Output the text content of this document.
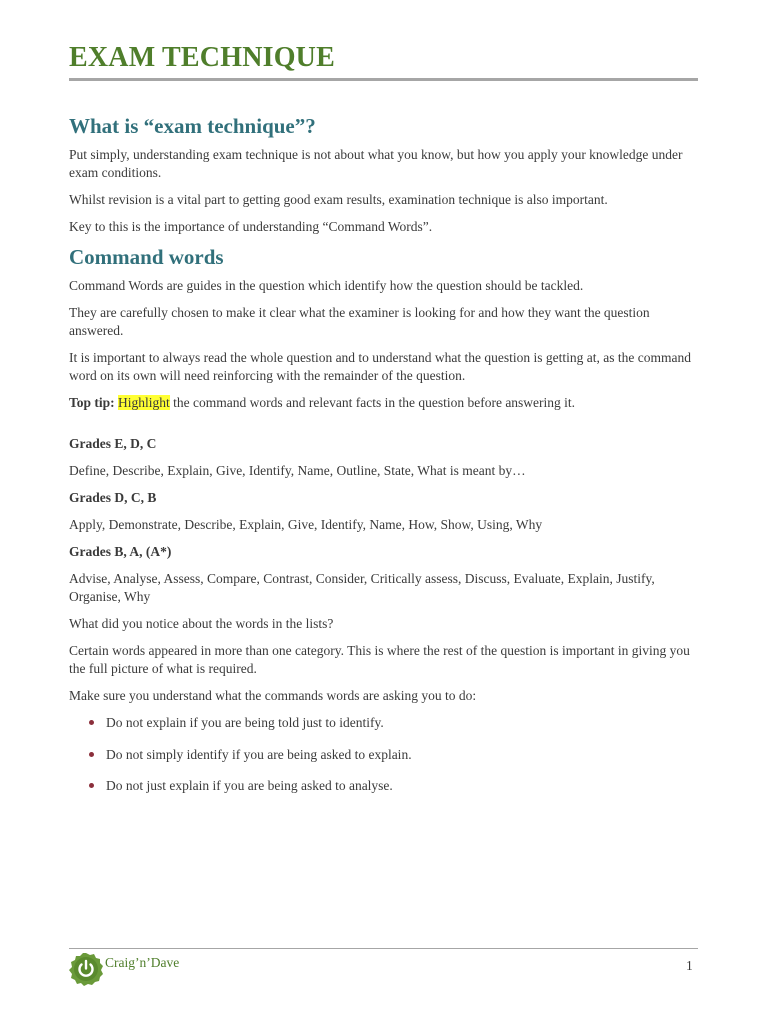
EXAM TECHNIQUE
What is “exam technique”?

Put simply, understanding exam technique is not about what you know, but how you apply your knowledge under exam conditions.

Whilst revision is a vital part to getting good exam results, examination technique is also important.

Key to this is the importance of understanding “Command Words”.

Command words

Command Words are guides in the question which identify how the question should be tackled.

They are carefully chosen to make it clear what the examiner is looking for and how they want the question answered.

It is important to always read the whole question and to understand what the question is getting at, as the command word on its own will need reinforcing with the remainder of the question.

Top tip: Highlight the command words and relevant facts in the question before answering it.

Grades E, D, C

Define, Describe, Explain, Give, Identify, Name, Outline, State, What is meant by…

Grades D, C, B

Apply, Demonstrate, Describe, Explain, Give, Identify, Name, How, Show, Using, Why

Grades B, A, (A*)

Advise, Analyse, Assess, Compare, Contrast, Consider, Critically assess, Discuss, Evaluate, Explain, Justify, Organise, Why

What did you notice about the words in the lists?

Certain words appeared in more than one category. This is where the rest of the question is important in giving you the full picture of what is required.

Make sure you understand what the commands words are asking you to do:

Do not explain if you are being told just to identify.
Do not simply identify if you are being asked to explain.
Do not just explain if you are being asked to analyse.
Craig’n’Dave	1
